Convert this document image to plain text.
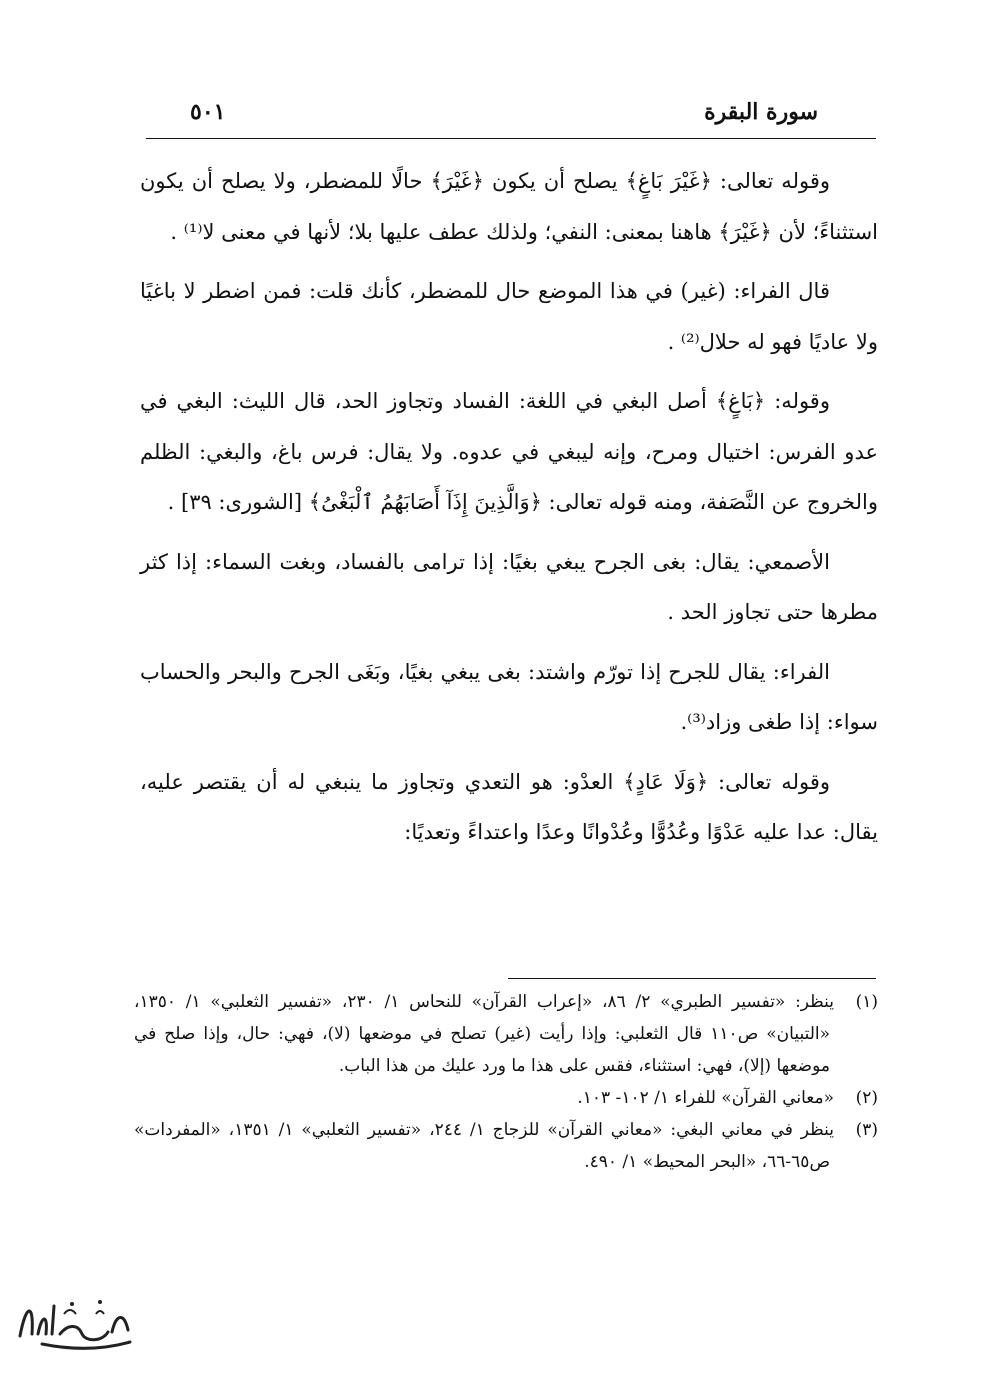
سورة البقرة
٥٠١

وقوله تعالى: ﴿غَيْرَ بَاغٍ﴾ يصلح أن يكون ﴿غَيْرَ﴾ حالًا للمضطر، ولا يصلح أن يكون استثناءً؛ لأن ﴿غَيْرَ﴾ هاهنا بمعنى: النفي؛ ولذلك عطف عليها بلا؛ لأنها في معنى لا⁽¹⁾ .

قال الفراء: (غير) في هذا الموضع حال للمضطر، كأنك قلت: فمن اضطر لا باغيًا ولا عاديًا فهو له حلال⁽²⁾ .

وقوله: ﴿بَاغٍ﴾ أصل البغي في اللغة: الفساد وتجاوز الحد، قال الليث: البغي في عدو الفرس: اختيال ومرح، وإنه ليبغي في عدوه. ولا يقال: فرس باغ، والبغي: الظلم والخروج عن النَّصَفة، ومنه قوله تعالى: ﴿وَالَّذِينَ إِذَآ أَصَابَهُمُ ٱلْبَغْىُ﴾ [الشورى: ٣٩] .

الأصمعي: يقال: بغى الجرح يبغي بغيًا: إذا ترامى بالفساد، وبغت السماء: إذا كثر مطرها حتى تجاوز الحد .

الفراء: يقال للجرح إذا تورّم واشتد: بغى يبغي بغيًا، وبَغَى الجرح والبحر والحساب سواء: إذا طغى وزاد⁽³⁾.

وقوله تعالى: ﴿وَلَا عَادٍ﴾ العدْو: هو التعدي وتجاوز ما ينبغي له أن يقتصر عليه، يقال: عدا عليه عَدْوًا وعُدُوًّا وعُدْوانًا وعدًا واعتداءً وتعديًا:

(١)ينظر: «تفسير الطبري» ٢/ ٨٦، «إعراب القرآن» للنحاس ١/ ٢٣٠، «تفسير الثعلبي» ١/ ١٣٥٠، «التبيان» ص١١٠ قال الثعلبي: وإذا رأيت (غير) تصلح في موضعها (لا)، فهي: حال، وإذا صلح في موضعها (إلا)، فهي: استثناء، فقس على هذا ما ورد عليك من هذا الباب.

(٢)«معاني القرآن» للفراء ١/ ١٠٢- ١٠٣.

(٣)ينظر في معاني البغي: «معاني القرآن» للزجاج ١/ ٢٤٤، «تفسير الثعلبي» ١/ ١٣٥١، «المفردات» ص٦٥-٦٦، «البحر المحيط» ١/ ٤٩٠.
